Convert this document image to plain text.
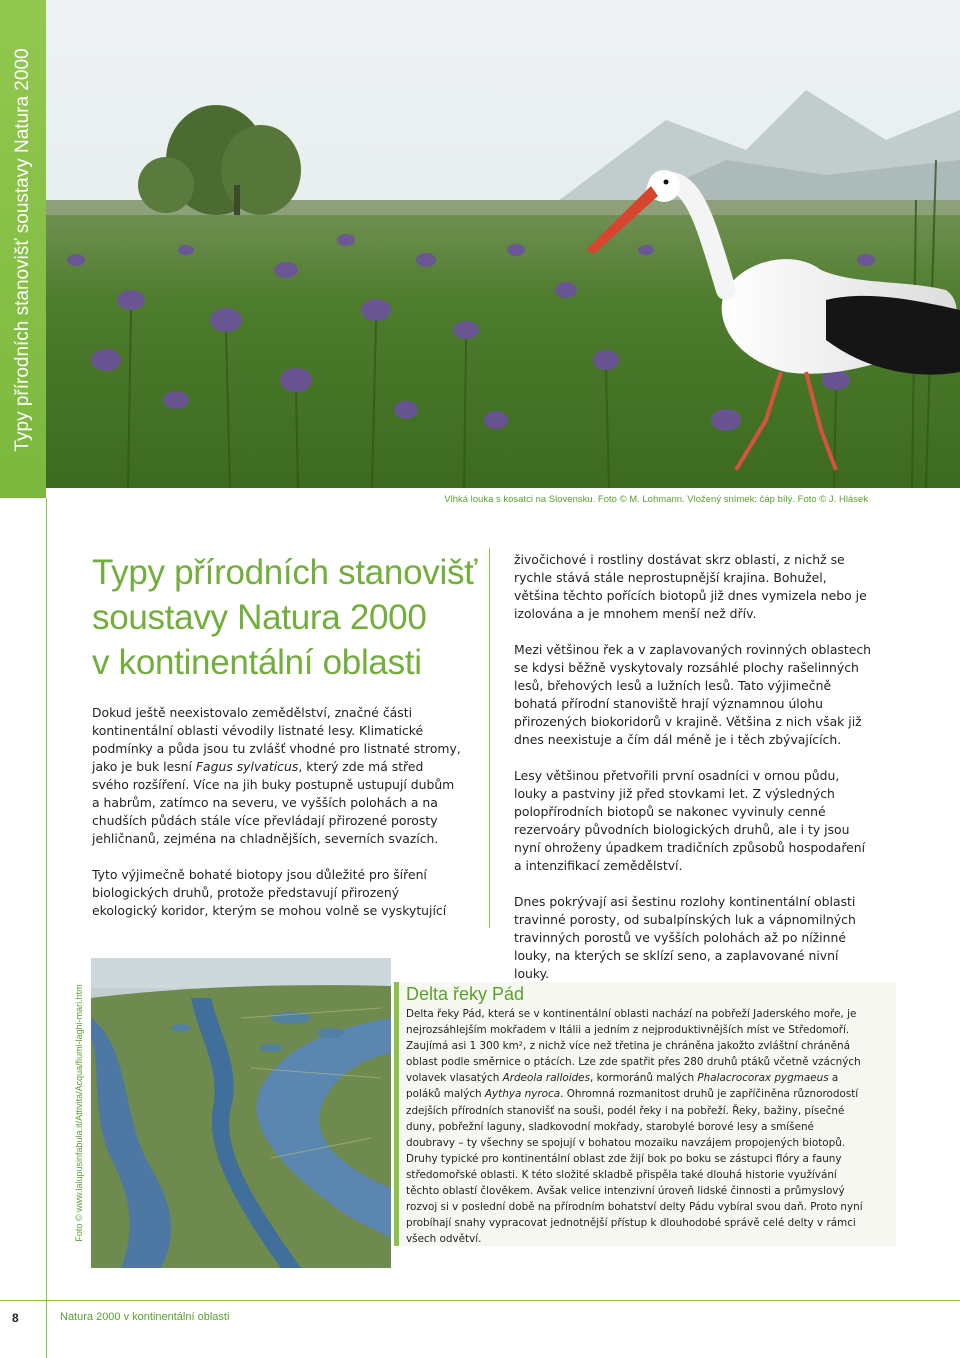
Typy přírodních stanovišť soustavy Natura 2000
Vlhká louka s kosatci na Slovensku. Foto © M. Lohmann. Vložený snímek: čáp bílý. Foto © J. Hlásek
Typy přírodních stanovišť
soustavy Natura 2000
v kontinentální oblasti

Dokud ještě neexistovalo zemědělství, značné části kontinentální oblasti vévodily listnaté lesy. Klimatické podmínky a půda jsou tu zvlášť vhodné pro listnaté stromy, jako je buk lesní Fagus sylvaticus, který zde má střed svého rozšíření. Více na jih buky postupně ustupují dubům a habrům, zatímco na severu, ve vyšších polohách a na chudších půdách stále více převládají přirozené porosty jehličnanů, zejména na chladnějších, severních svazích.

Tyto výjimečně bohaté biotopy jsou důležité pro šíření biologických druhů, protože představují přirozený ekologický koridor, kterým se mohou volně se vyskytující

živočichové i rostliny dostávat skrz oblasti, z nichž se rychle stává stále neprostupnější krajina. Bohužel, většina těchto pořících biotopů již dnes vymizela nebo je izolována a je mnohem menší než dřív.

Mezi většinou řek a v zaplavovaných rovinných oblastech se kdysi běžně vyskytovaly rozsáhlé plochy rašelinných lesů, břehových lesů a lužních lesů. Tato výjimečně bohatá přírodní stanoviště hrají významnou úlohu přirozených biokoridorů v krajině. Většina z nich však již dnes neexistuje a čím dál méně je i těch zbývajících.

Lesy většinou přetvořili první osadníci v ornou půdu, louky a pastviny již před stovkami let. Z výsledných polopřírodních biotopů se nakonec vyvinuly cenné rezervoáry původních biologických druhů, ale i ty jsou nyní ohroženy úpadkem tradičních způsobů hospodaření a intenzifikací zemědělství.

Dnes pokrývají asi šestinu rozlohy kontinentální oblasti travinné porosty, od subalpínských luk a vápnomilných travinných porostů ve vyšších polohách až po nížinné louky, na kterých se sklízí seno, a zaplavované nivní louky.

Foto © www.lalupusinfabula.it/Attivita/Acqua/fiumi-laghi-mari.htm	Delta řeky Pád

Delta řeky Pád, která se v kontinentální oblasti nachází na pobřeží Jaderského moře, je nejrozsáhlejším mokřadem v Itálii a jedním z nejproduktivnějších míst ve Středomoří. Zaujímá asi 1 300 km², z nichž více než třetina je chráněna jakožto zvláštní chráněná oblast podle směrnice o ptácích. Lze zde spatřit přes 280 druhů ptáků včetně vzácných volavek vlasatých Ardeola ralloides, kormoránů malých Phalacrocorax pygmaeus a poláků malých Aythya nyroca. Ohromná rozmanitost druhů je zapříčiněna různorodostí zdejších přírodních stanovišť na souši, podél řeky i na pobřeží. Řeky, bažiny, písečné duny, pobřežní laguny, sladkovodní mokřady, starobylé borové lesy a smíšené doubravy – ty všechny se spojují v bohatou mozaiku navzájem propojených biotopů. Druhy typické pro kontinentální oblast zde žijí bok po boku se zástupci flóry a fauny středomořské oblasti. K této složité skladbě přispěla také dlouhá historie využívání těchto oblastí člověkem. Avšak velice intenzivní úroveň lidské činnosti a průmyslový rozvoj si v poslední době na přírodním bohatství delty Pádu vybíral svou daň. Proto nyní probíhají snahy vypracovat jednotnější přístup k dlouhodobé správě celé delty v rámci všech odvětví.

8	Natura 2000 v kontinentální oblasti
